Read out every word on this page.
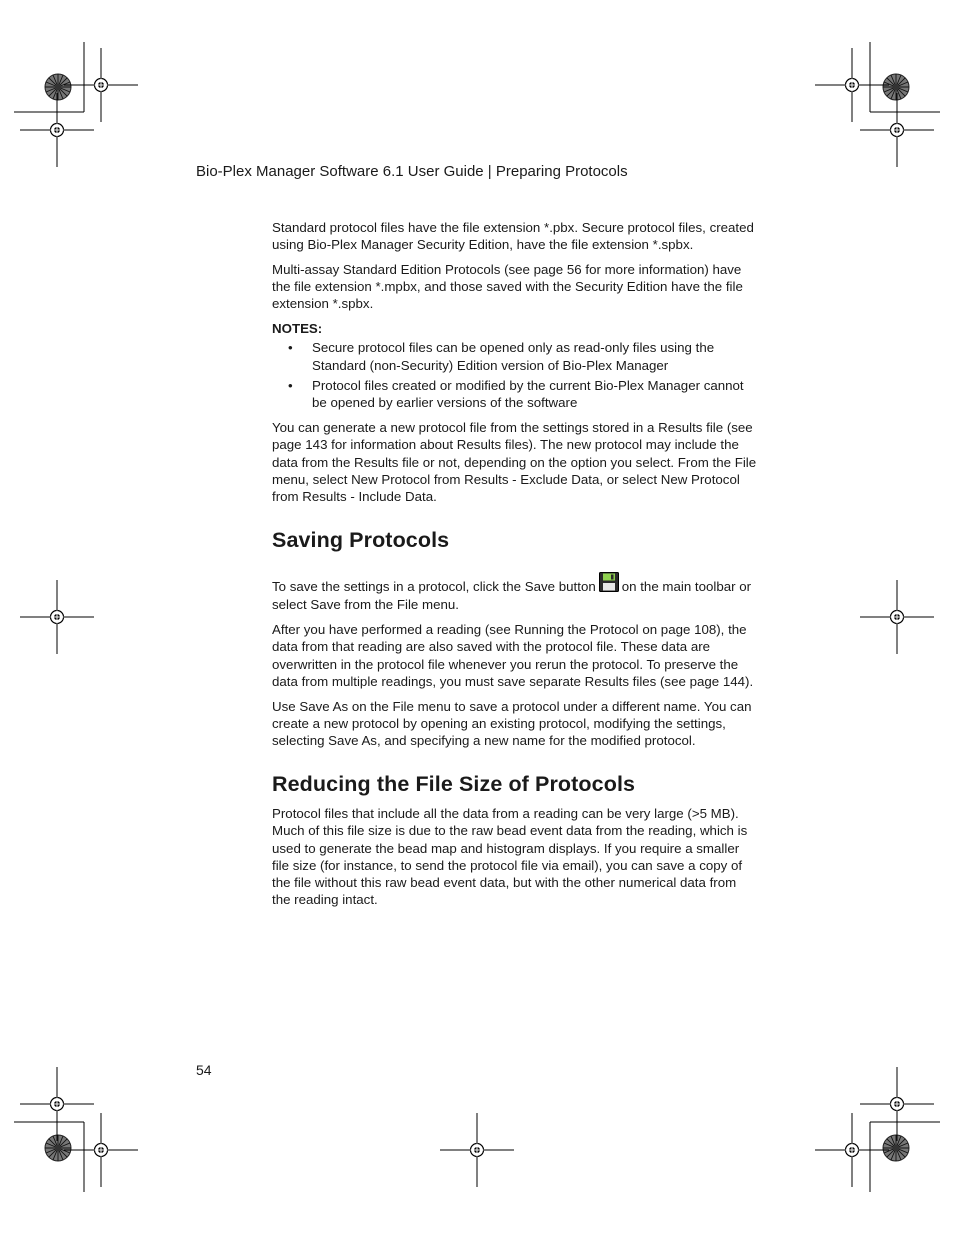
Bio-Plex Manager Software 6.1 User Guide | Preparing Protocols

Standard protocol files have the file extension *.pbx. Secure protocol files, created using Bio-Plex Manager Security Edition, have the file extension *.spbx.

Multi-assay Standard Edition Protocols (see page 56 for more information) have the file extension *.mpbx, and those saved with the Security Edition have the file extension *.spbx.

NOTES:
• Secure protocol files can be opened only as read-only files using the Standard (non-Security) Edition version of Bio-Plex Manager
• Protocol files created or modified by the current Bio-Plex Manager cannot be opened by earlier versions of the software

You can generate a new protocol file from the settings stored in a Results file (see page 143 for information about Results files). The new protocol may include the data from the Results file or not, depending on the option you select. From the File menu, select New Protocol from Results - Exclude Data, or select New Protocol from Results - Include Data.

Saving Protocols

To save the settings in a protocol, click the Save button on the main toolbar or select Save from the File menu.

After you have performed a reading (see Running the Protocol on page 108), the data from that reading are also saved with the protocol file. These data are overwritten in the protocol file whenever you rerun the protocol. To preserve the data from multiple readings, you must save separate Results files (see page 144).

Use Save As on the File menu to save a protocol under a different name. You can create a new protocol by opening an existing protocol, modifying the settings, selecting Save As, and specifying a new name for the modified protocol.

Reducing the File Size of Protocols

Protocol files that include all the data from a reading can be very large (>5 MB). Much of this file size is due to the raw bead event data from the reading, which is used to generate the bead map and histogram displays. If you require a smaller file size (for instance, to send the protocol file via email), you can save a copy of the file without this raw bead event data, but with the other numerical data from the reading intact.

54
